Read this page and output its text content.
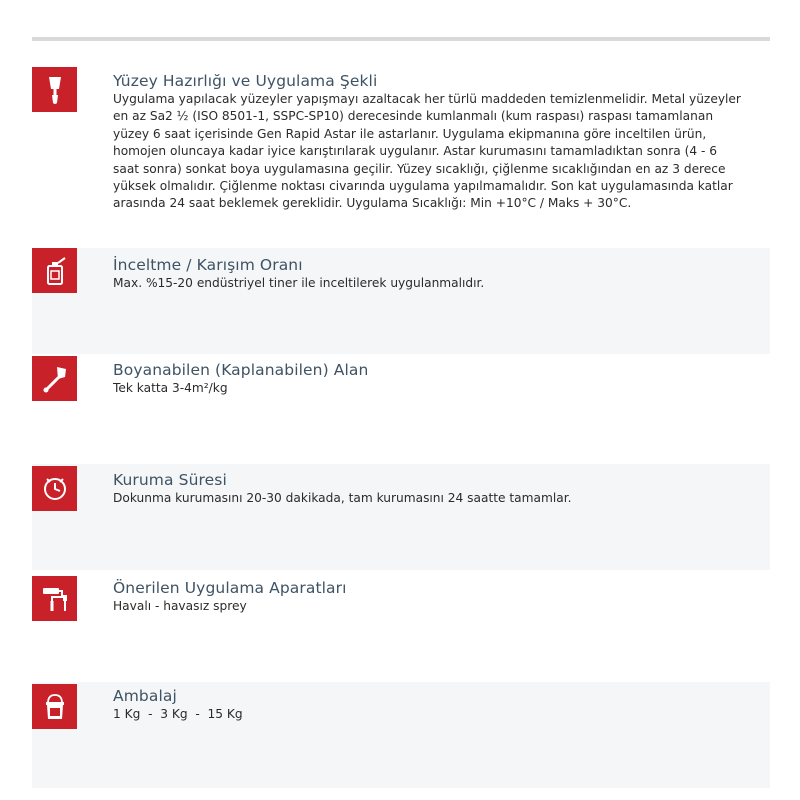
Yüzey Hazırlığı ve Uygulama Şekli

Uygulama yapılacak yüzeyler yapışmayı azaltacak her türlü maddeden temizlenmelidir. Metal yüzeyler

en az Sa2 ½ (ISO 8501-1, SSPC-SP10) derecesinde kumlanmalı (kum raspası) raspası tamamlanan

yüzey 6 saat içerisinde Gen Rapid Astar ile astarlanır. Uygulama ekipmanına göre inceltilen ürün,

homojen oluncaya kadar iyice karıştırılarak uygulanır. Astar kurumasını tamamladıktan sonra (4 - 6

saat sonra) sonkat boya uygulamasına geçilir. Yüzey sıcaklığı, çiğlenme sıcaklığından en az 3 derece

yüksek olmalıdır. Çiğlenme noktası civarında uygulama yapılmamalıdır. Son kat uygulamasında katlar

arasında 24 saat beklemek gereklidir. Uygulama Sıcaklığı: Min +10°C / Maks + 30°C.

İnceltme / Karışım Oranı

Max. %15-20 endüstriyel tiner ile inceltilerek uygulanmalıdır.

Boyanabilen (Kaplanabilen) Alan

Tek katta 3-4m²/kg

Kuruma Süresi

Dokunma kurumasını 20-30 dakikada, tam kurumasını 24 saatte tamamlar.

Önerilen Uygulama Aparatları

Havalı - havasız sprey

Ambalaj

1 Kg  -  3 Kg  -  15 Kg
